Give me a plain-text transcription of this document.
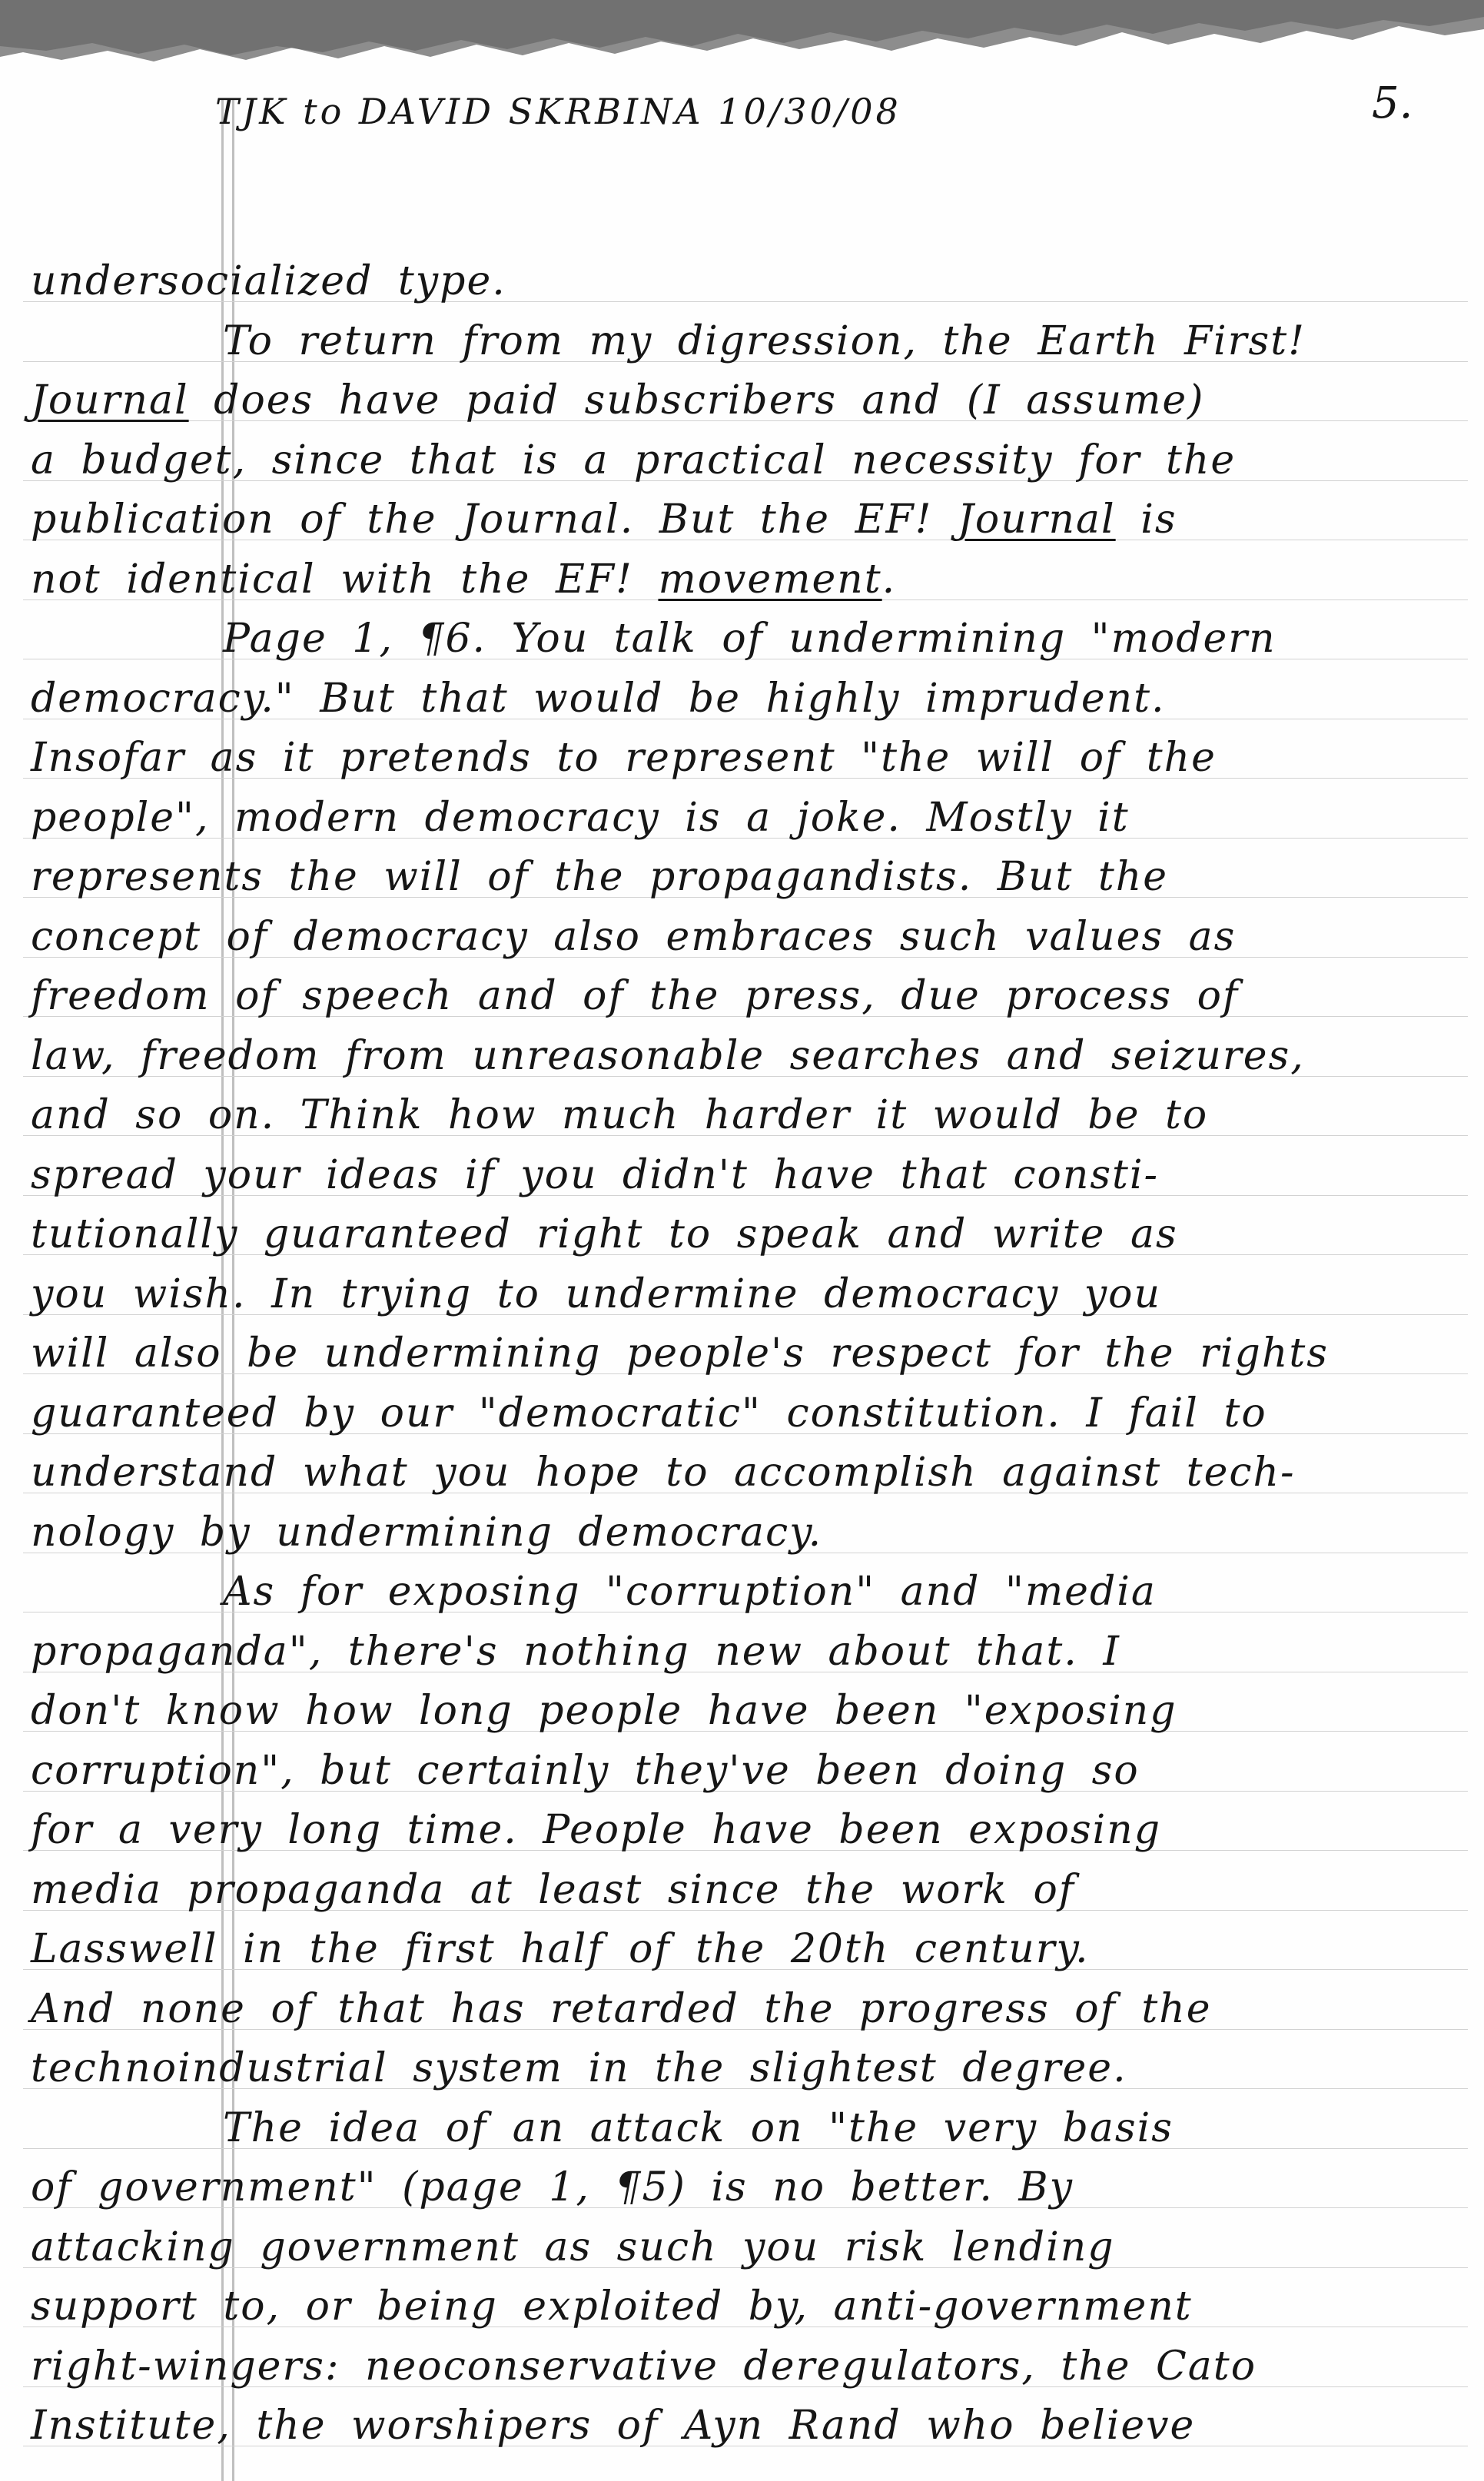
TJK to DAVID SKRBINA 10/30/08	5.
undersocialized type.
To return from my digression, the Earth First!
Journal does have paid subscribers and (I assume)
a budget, since that is a practical necessity for the
publication of the Journal. But the EF! Journal is
not identical with the EF! movement.
Page 1, ¶6. You talk of undermining "modern
democracy." But that would be highly imprudent.
Insofar as it pretends to represent "the will of the
people", modern democracy is a joke. Mostly it
represents the will of the propagandists. But the
concept of democracy also embraces such values as
freedom of speech and of the press, due process of
law, freedom from unreasonable searches and seizures,
and so on. Think how much harder it would be to
spread your ideas if you didn't have that consti-
tutionally guaranteed right to speak and write as
you wish. In trying to undermine democracy you
will also be undermining people's respect for the rights
guaranteed by our "democratic" constitution. I fail to
understand what you hope to accomplish against tech-
nology by undermining democracy.
As for exposing "corruption" and "media
propaganda", there's nothing new about that. I
don't know how long people have been "exposing
corruption", but certainly they've been doing so
for a very long time. People have been exposing
media propaganda at least since the work of
Lasswell in the first half of the 20th century.
And none of that has retarded the progress of the
technoindustrial system in the slightest degree.
The idea of an attack on "the very basis
of government" (page 1, ¶5) is no better. By
attacking government as such you risk lending
support to, or being exploited by, anti-government
right-wingers: neoconservative deregulators, the Cato
Institute, the worshipers of Ayn Rand who believe
